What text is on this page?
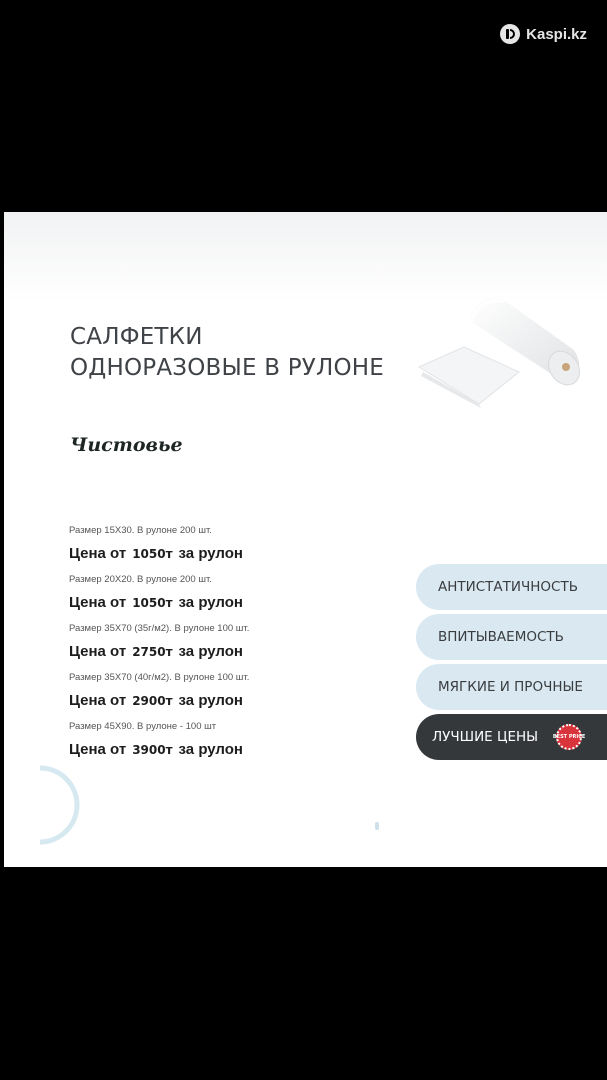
Kaspi.kz
САЛФЕТКИ
ОДНОРАЗОВЫЕ В РУЛОНЕ
Чистовье
Размер 15Х30. В рулоне 200 шт.
Цена от 1050т за рулон
Размер 20Х20. В рулоне 200 шт.
Цена от 1050т за рулон
Размер 35Х70 (35г/м2). В рулоне 100 шт.
Цена от 2750т за рулон
Размер 35Х70 (40г/м2). В рулоне 100 шт.
Цена от 2900т за рулон
Размер 45Х90. В рулоне - 100 шт
Цена от 3900т за рулон
АНТИСТАТИЧНОСТЬ
ВПИТЫВАЕМОСТЬ
МЯГКИЕ И ПРОЧНЫЕ
ЛУЧШИЕ ЦЕНЫ	BEST PRICE
